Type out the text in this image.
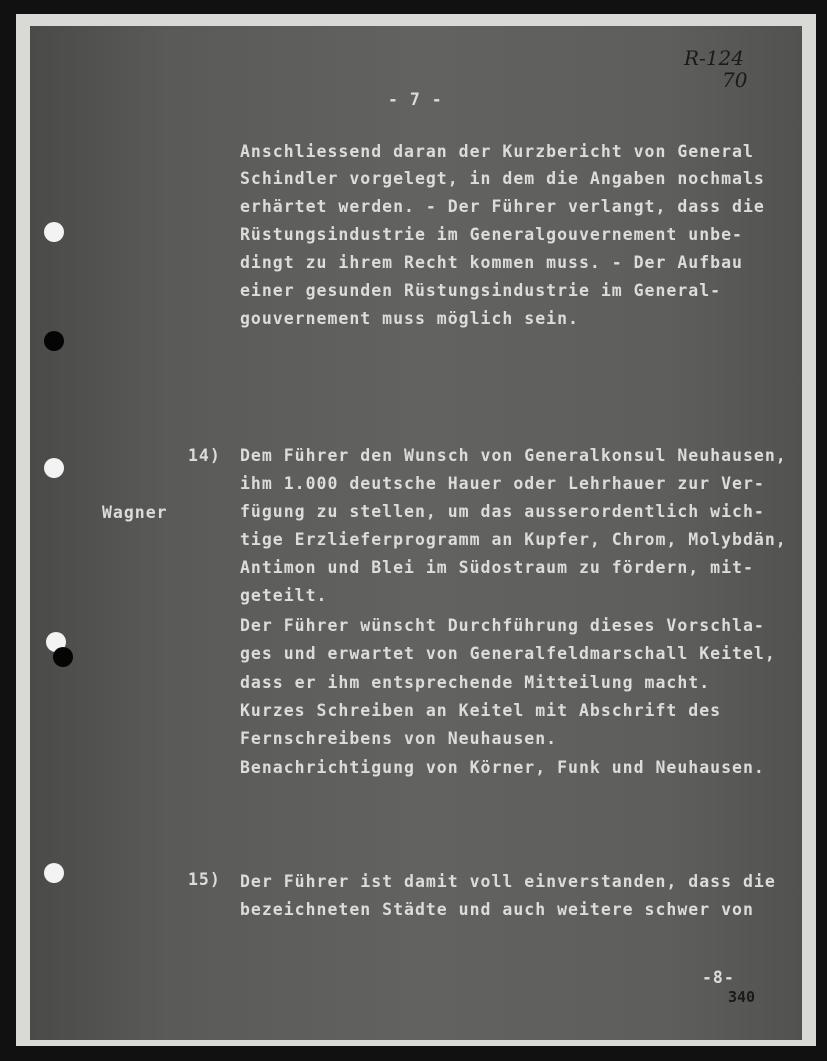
R-124
70
- 7 -
Anschliessend daran der Kurzbericht von General
Schindler vorgelegt, in dem die Angaben nochmals
erhärtet werden. - Der Führer verlangt, dass die
Rüstungsindustrie im Generalgouvernement unbe-
dingt zu ihrem Recht kommen muss. - Der Aufbau
einer gesunden Rüstungsindustrie im General-
gouvernement muss möglich sein.
14)
Wagner
Dem Führer den Wunsch von Generalkonsul Neuhausen,
ihm 1.000 deutsche Hauer oder Lehrhauer zur Ver-
fügung zu stellen, um das ausserordentlich wich-
tige Erzlieferprogramm an Kupfer, Chrom, Molybdän,
Antimon und Blei im Südostraum zu fördern, mit-
geteilt.
Der Führer wünscht Durchführung dieses Vorschla-
ges und erwartet von Generalfeldmarschall Keitel,
dass er ihm entsprechende Mitteilung macht.
Kurzes Schreiben an Keitel mit Abschrift des
Fernschreibens von Neuhausen.
Benachrichtigung von Körner, Funk und Neuhausen.
15) Der Führer ist damit voll einverstanden, dass die
bezeichneten Städte und auch weitere schwer von
-8-
340
